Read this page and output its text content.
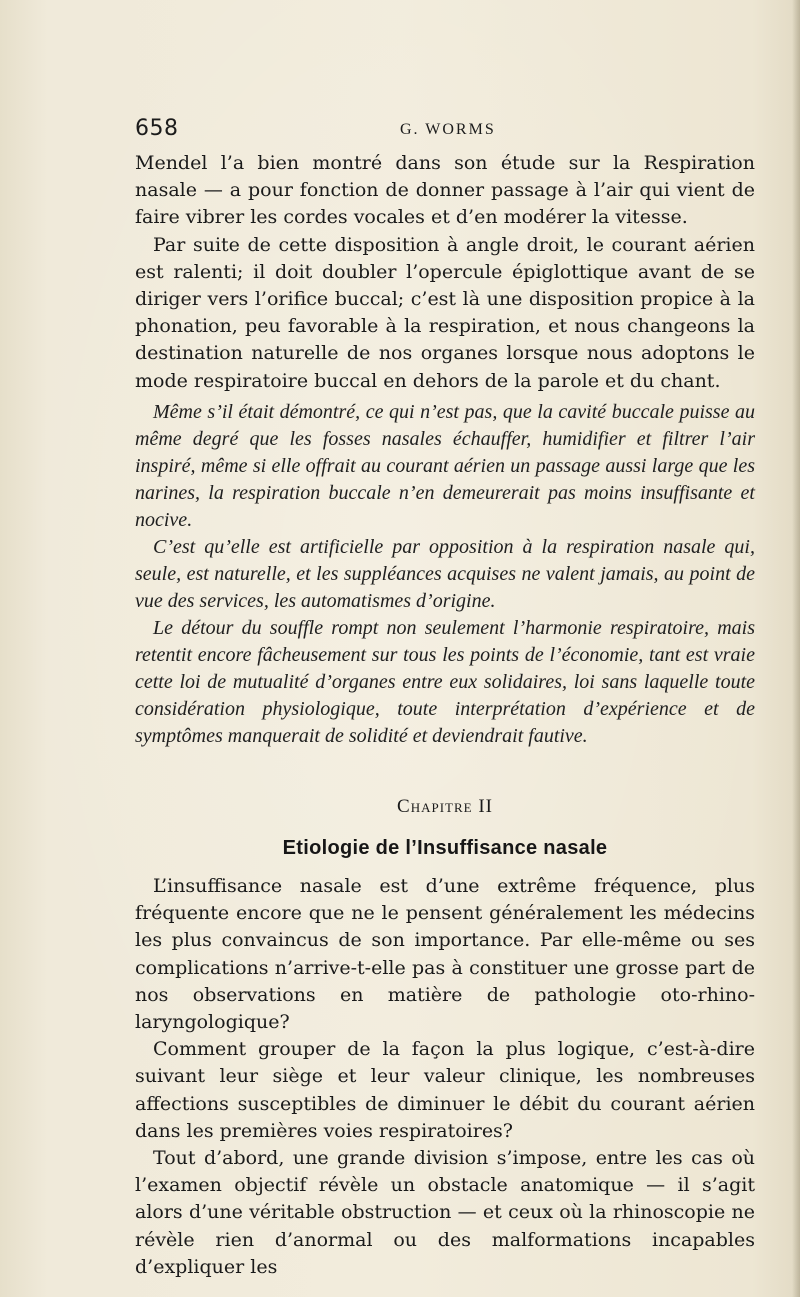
658	G. WORMS

Mendel l’a bien montré dans son étude sur la Respiration nasale — a pour fonction de donner passage à l’air qui vient de faire vibrer les cordes vocales et d’en modérer la vitesse.

Par suite de cette disposition à angle droit, le courant aérien est ralenti; il doit doubler l’opercule épiglottique avant de se diriger vers l’orifice buccal; c’est là une disposition propice à la phonation, peu favorable à la respiration, et nous changeons la destination naturelle de nos organes lorsque nous adoptons le mode respiratoire buccal en dehors de la parole et du chant.

Même s’il était démontré, ce qui n’est pas, que la cavité buccale puisse au même degré que les fosses nasales échauffer, humidifier et filtrer l’air inspiré, même si elle offrait au courant aérien un passage aussi large que les narines, la respiration buccale n’en demeurerait pas moins insuffisante et nocive.

C’est qu’elle est artificielle par opposition à la respiration nasale qui, seule, est naturelle, et les suppléances acquises ne valent jamais, au point de vue des services, les automatismes d’origine.

Le détour du souffle rompt non seulement l’harmonie respiratoire, mais retentit encore fâcheusement sur tous les points de l’économie, tant est vraie cette loi de mutualité d’organes entre eux solidaires, loi sans laquelle toute considération physiologique, toute interprétation d’expérience et de symptômes manquerait de solidité et deviendrait fautive.

Chapitre II
Etiologie de l’Insuffisance nasale

L’insuffisance nasale est d’une extrême fréquence, plus fréquente encore que ne le pensent généralement les médecins les plus convaincus de son importance. Par elle-même ou ses complications n’arrive-t-elle pas à constituer une grosse part de nos observations en matière de pathologie oto-rhino-laryngologique?

Comment grouper de la façon la plus logique, c’est-à-dire suivant leur siège et leur valeur clinique, les nombreuses affections susceptibles de diminuer le débit du courant aérien dans les premières voies respiratoires?

Tout d’abord, une grande division s’impose, entre les cas où l’examen objectif révèle un obstacle anatomique — il s’agit alors d’une véritable obstruction — et ceux où la rhinoscopie ne révèle rien d’anormal ou des malformations incapables d’expliquer les
